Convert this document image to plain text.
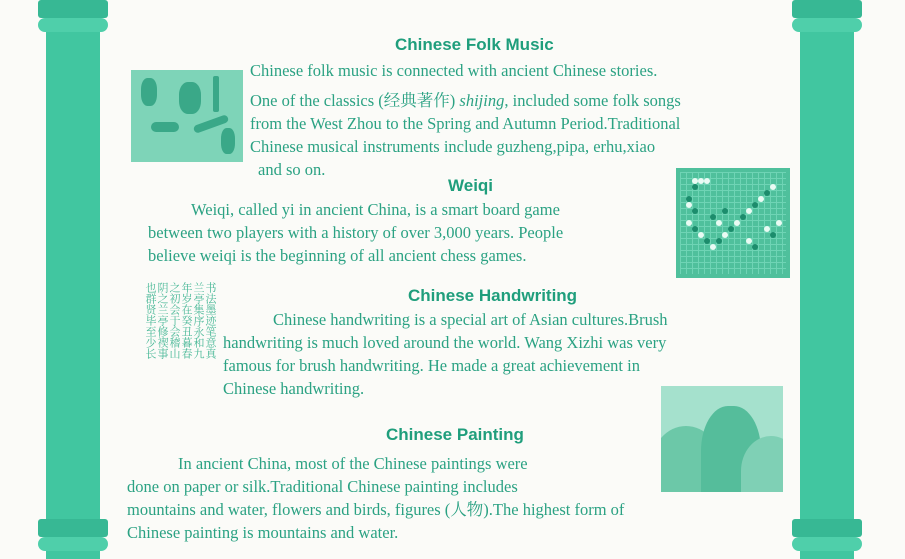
Chinese Folk Music

Chinese folk music is connected with ancient Chinese stories.

One of the classics (经典著作) shijing, included some folk songs

from the West Zhou to the Spring and Autumn Period.Traditional

Chinese musical instruments include guzheng,pipa, erhu,xiao

and so on.

Weiqi

Weiqi, called yi in ancient China, is a smart board game

between two players with a history of over 3,000 years. People

believe weiqi is the beginning of all ancient chess games.

Chinese Handwriting
书法墨迹笔意真
兰亭集序永和九
年岁在癸丑暮春
之初会于会稽山
阴之兰亭修禊事
也群贤毕至少长	Chinese handwriting is a special art of Asian cultures.Brush

handwriting is much loved around the world. Wang Xizhi was very

famous for brush handwriting. He made a great achievement in

Chinese handwriting.

Chinese Painting

In ancient China, most of the Chinese paintings were

done on paper or silk.Traditional Chinese painting includes

mountains and water, flowers and birds, figures (人物).The highest form of

Chinese painting is mountains and water.
